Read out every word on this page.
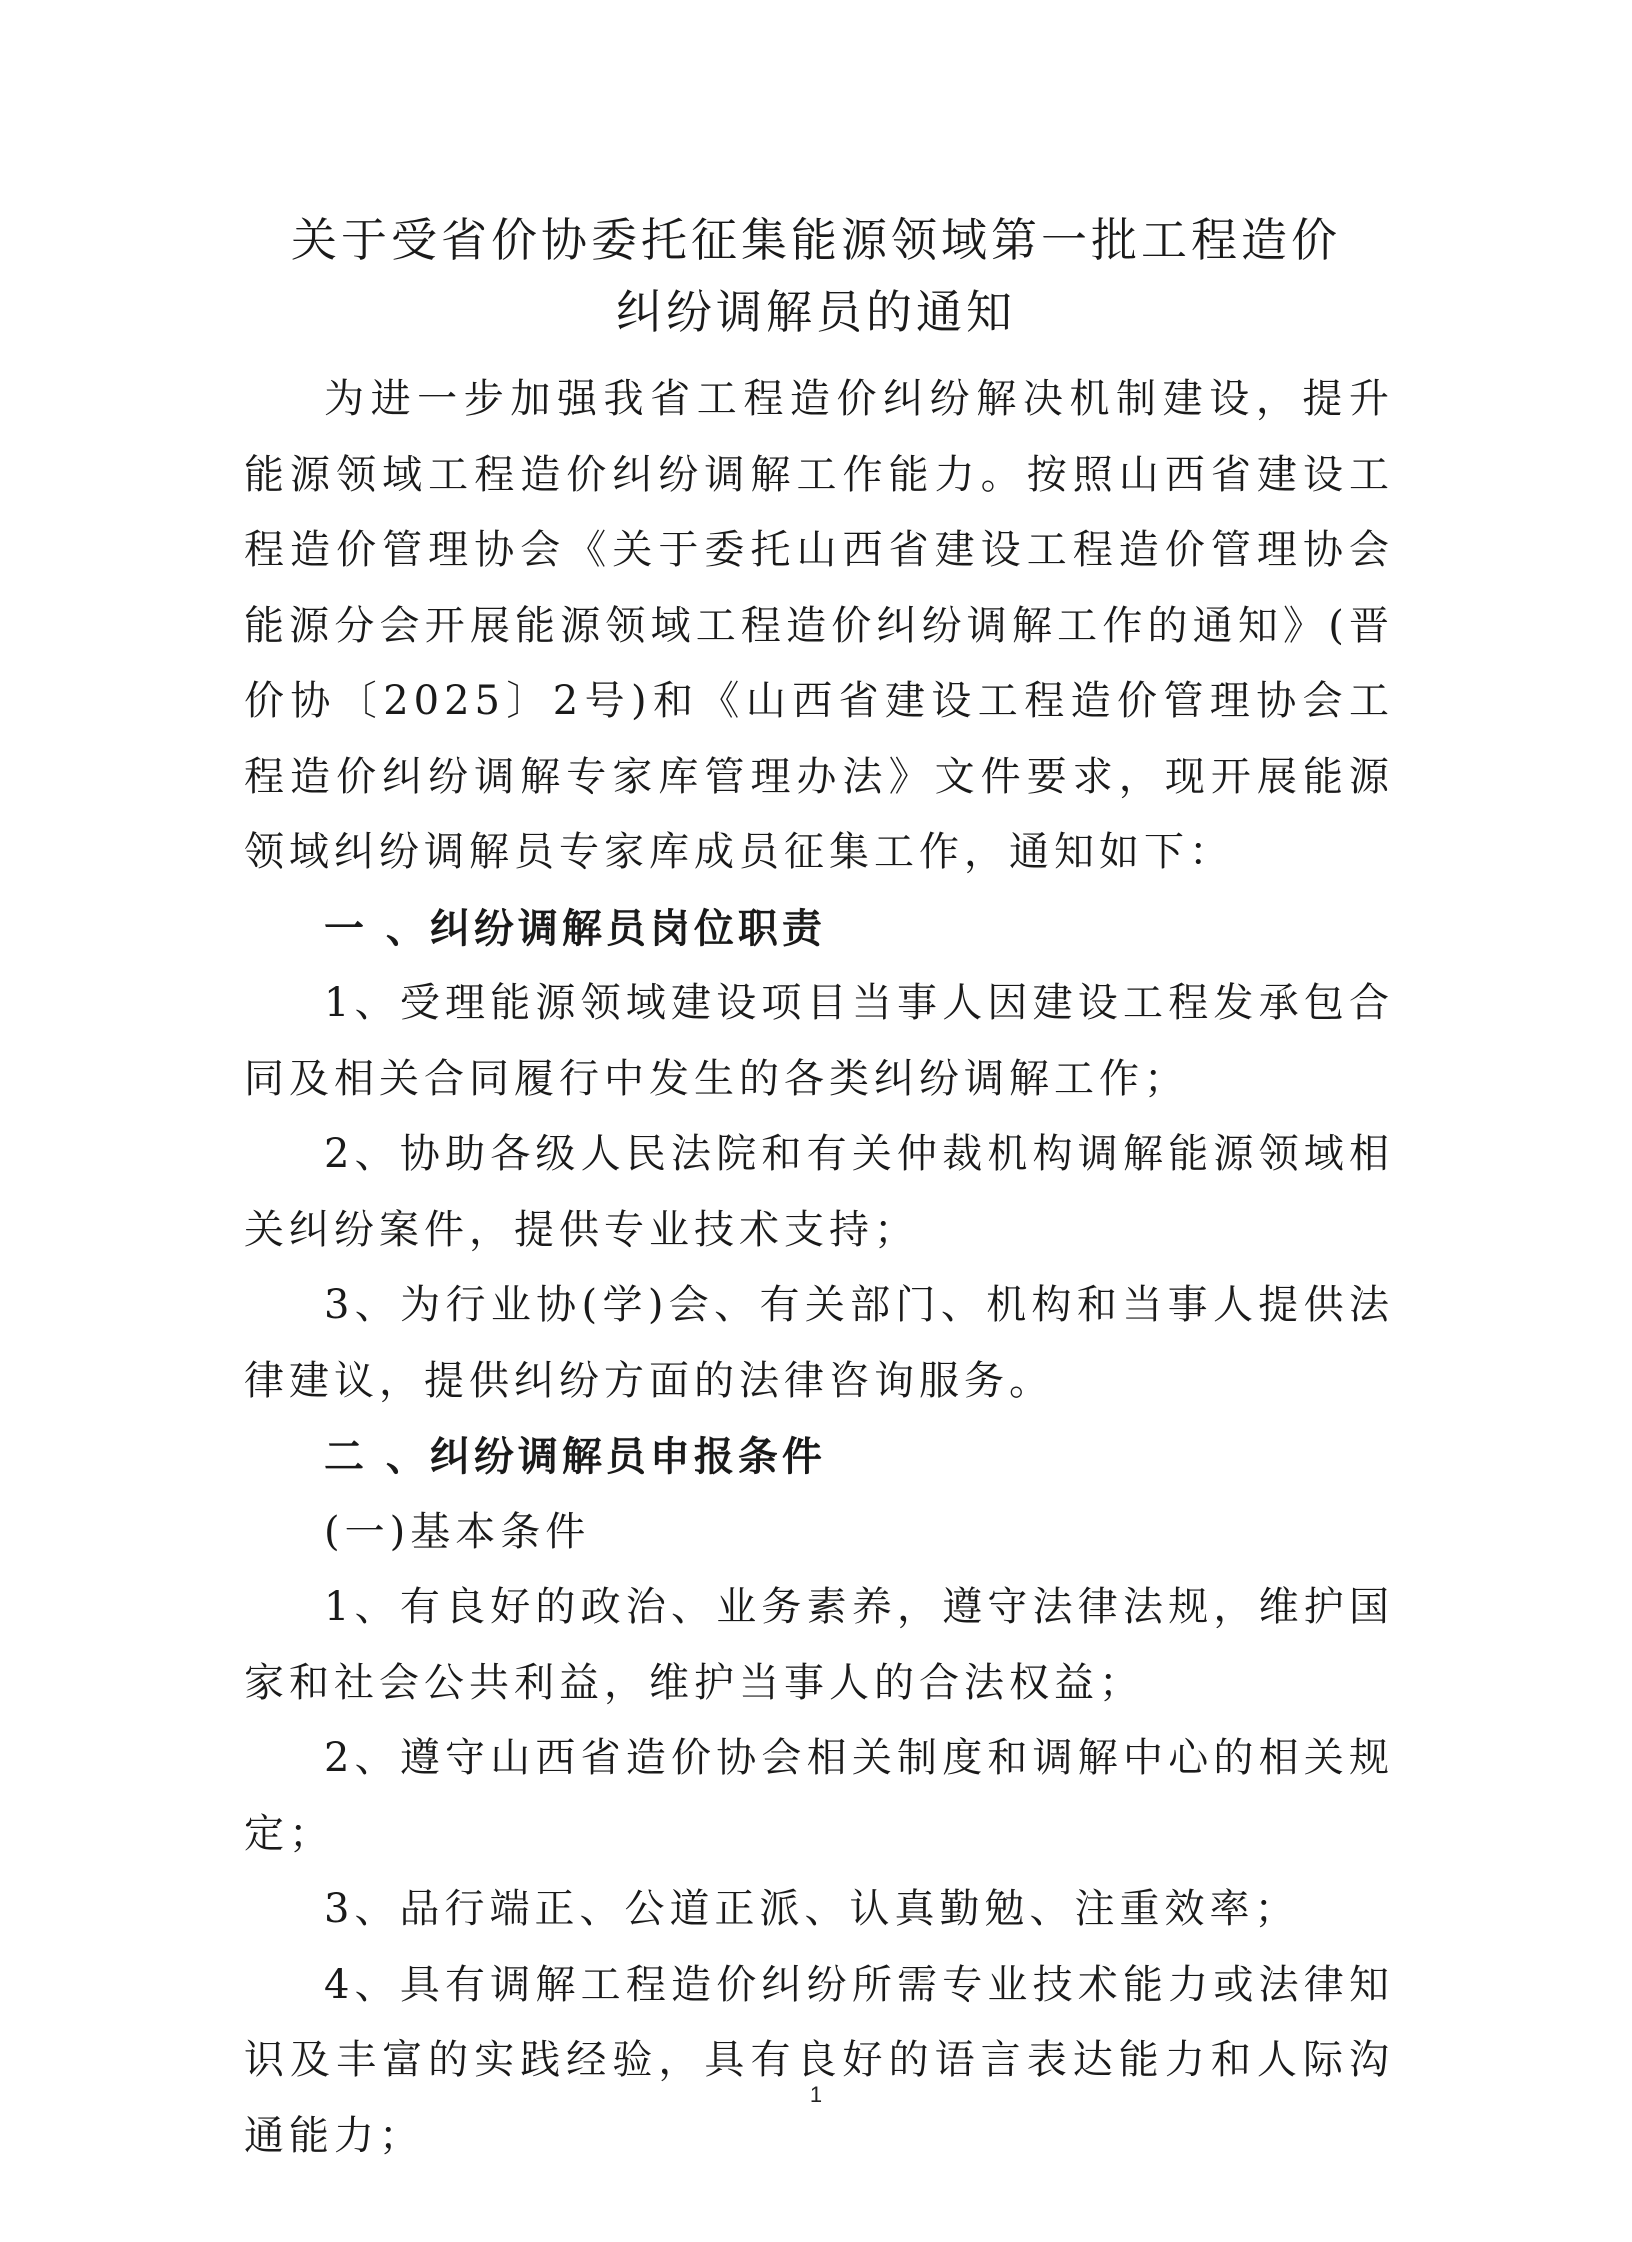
关于受省价协委托征集能源领域第一批工程造价
纠纷调解员的通知

为进一步加强我省工程造价纠纷解决机制建设，提升能源领域工程造价纠纷调解工作能力。按照山西省建设工程造价管理协会《关于委托山西省建设工程造价管理协会能源分会开展能源领域工程造价纠纷调解工作的通知》(晋价协〔2025〕2号)和《山西省建设工程造价管理协会工程造价纠纷调解专家库管理办法》文件要求，现开展能源领域纠纷调解员专家库成员征集工作，通知如下：

一 、纠纷调解员岗位职责

1、受理能源领域建设项目当事人因建设工程发承包合同及相关合同履行中发生的各类纠纷调解工作；

2、协助各级人民法院和有关仲裁机构调解能源领域相关纠纷案件，提供专业技术支持；

3、为行业协(学)会、有关部门、机构和当事人提供法律建议，提供纠纷方面的法律咨询服务。

二 、纠纷调解员申报条件

(一)基本条件

1、有良好的政治、业务素养，遵守法律法规，维护国家和社会公共利益，维护当事人的合法权益；

2、遵守山西省造价协会相关制度和调解中心的相关规定；

3、品行端正、公道正派、认真勤勉、注重效率；

4、具有调解工程造价纠纷所需专业技术能力或法律知识及丰富的实践经验，具有良好的语言表达能力和人际沟通能力；

1
